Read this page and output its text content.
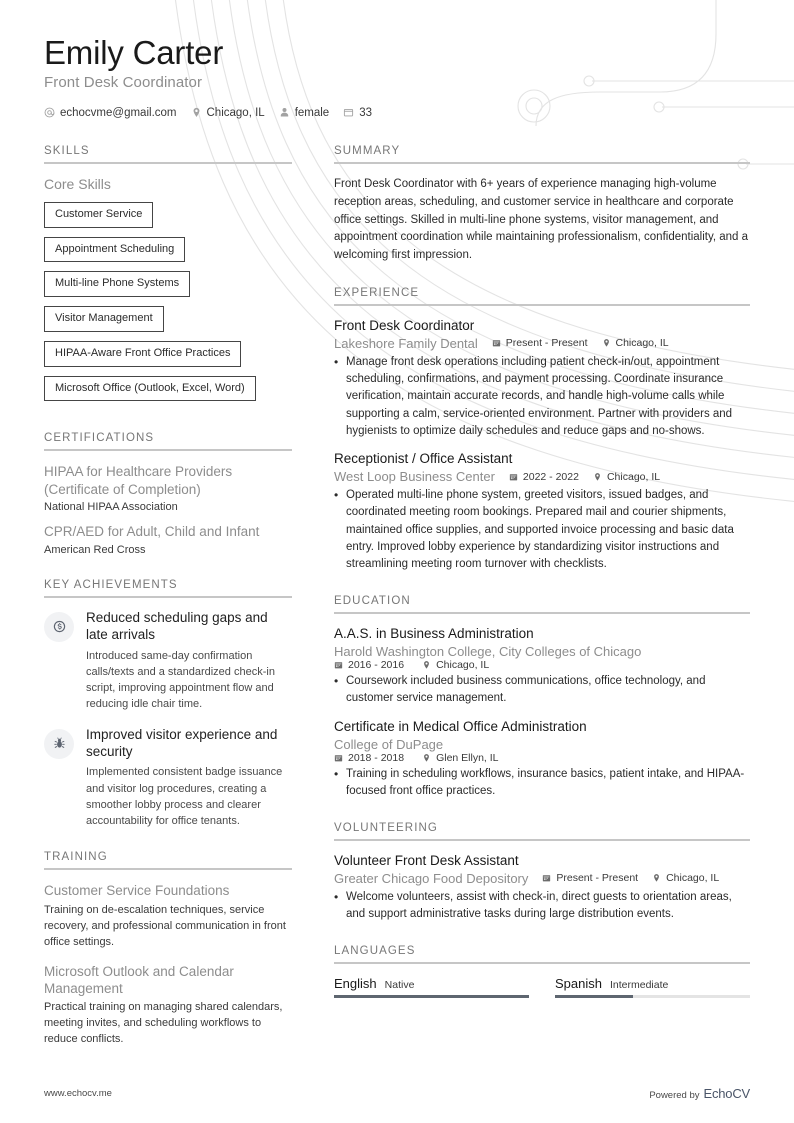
Emily Carter
Front Desk Coordinator
echocvme@gmail.com	Chicago, IL	female	33
SKILLS
Core Skills
Customer Service
Appointment Scheduling
Multi-line Phone Systems
Visitor Management
HIPAA-Aware Front Office Practices
Microsoft Office (Outlook, Excel, Word)
CERTIFICATIONS
HIPAA for Healthcare Providers (Certificate of Completion)
National HIPAA Association
CPR/AED for Adult, Child and Infant
American Red Cross
KEY ACHIEVEMENTS
Reduced scheduling gaps and late arrivals
Introduced same-day confirmation calls/texts and a standardized check-in script, improving appointment flow and reducing idle chair time.
Improved visitor experience and security
Implemented consistent badge issuance and visitor log procedures, creating a smoother lobby process and clearer accountability for office tenants.
TRAINING
Customer Service Foundations
Training on de-escalation techniques, service recovery, and professional communication in front office settings.
Microsoft Outlook and Calendar Management
Practical training on managing shared calendars, meeting invites, and scheduling workflows to reduce conflicts.
SUMMARY
Front Desk Coordinator with 6+ years of experience managing high-volume reception areas, scheduling, and customer service in healthcare and corporate office settings. Skilled in multi-line phone systems, visitor management, and appointment coordination while maintaining professionalism, confidentiality, and a welcoming first impression.
EXPERIENCE
Front Desk Coordinator
Lakeshore Family Dental	Present - Present	Chicago, IL
• Manage front desk operations including patient check-in/out, appointment scheduling, confirmations, and payment processing. Coordinate insurance verification, maintain accurate records, and handle high-volume calls while supporting a calm, service-oriented environment. Partner with providers and hygienists to optimize daily schedules and reduce gaps and no-shows.
Receptionist / Office Assistant
West Loop Business Center	2022 - 2022	Chicago, IL
• Operated multi-line phone system, greeted visitors, issued badges, and coordinated meeting room bookings. Prepared mail and courier shipments, maintained office supplies, and supported invoice processing and basic data entry. Improved lobby experience by standardizing visitor instructions and streamlining meeting room turnover with checklists.
EDUCATION
A.A.S. in Business Administration
Harold Washington College, City Colleges of Chicago
2016 - 2016	Chicago, IL
• Coursework included business communications, office technology, and customer service management.
Certificate in Medical Office Administration
College of DuPage
2018 - 2018	Glen Ellyn, IL
• Training in scheduling workflows, insurance basics, patient intake, and HIPAA-focused front office practices.
VOLUNTEERING
Volunteer Front Desk Assistant
Greater Chicago Food Depository	Present - Present	Chicago, IL
• Welcome volunteers, assist with check-in, direct guests to orientation areas, and support administrative tasks during large distribution events.
LANGUAGES
English Native	Spanish Intermediate
www.echocv.me	Powered by EchoCV
